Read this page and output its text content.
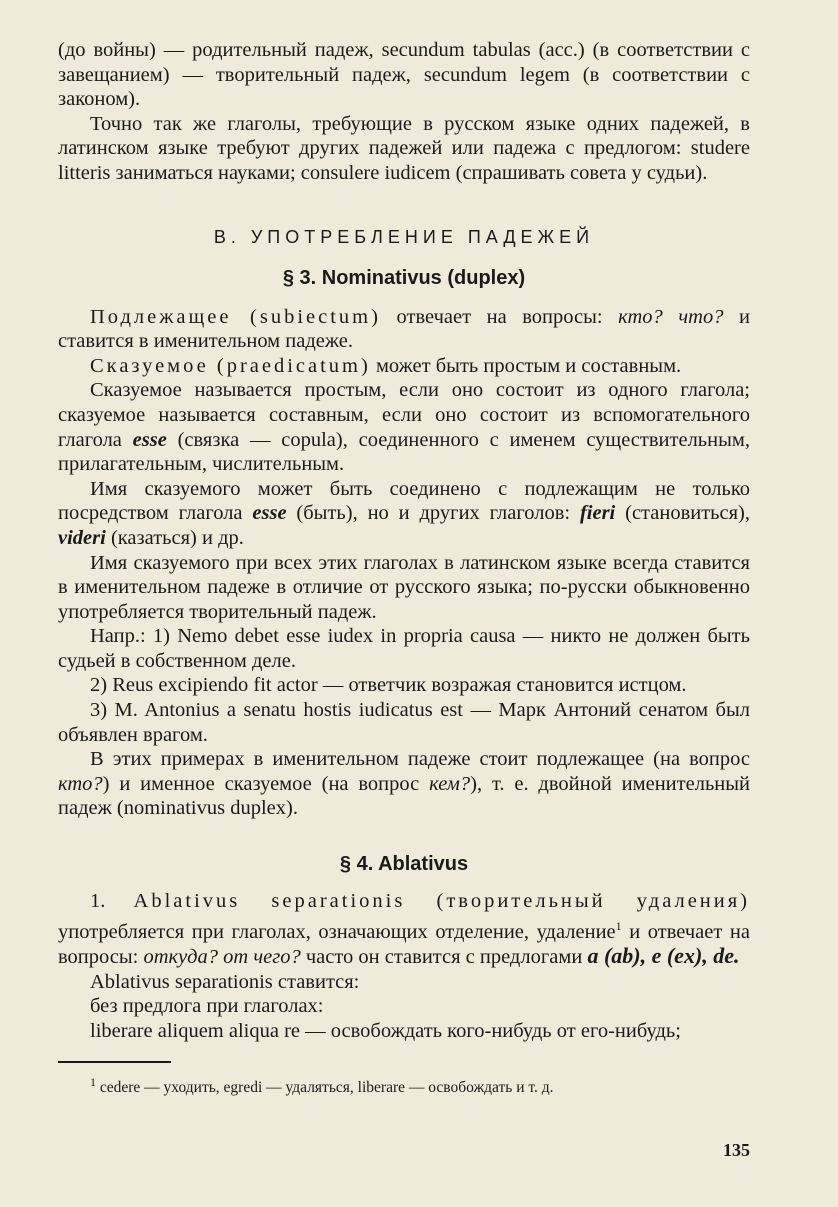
(до войны) — родительный падеж, secundum tabulas (acc.) (в соответствии с завещанием) — творительный падеж, secundum legem (в соответствии с законом).

Точно так же глаголы, требующие в русском языке одних падежей, в латинском языке требуют других падежей или падежа с предлогом: studere litteris заниматься науками; consulere iudicem (спрашивать совета у судьи).

В. УПОТРЕБЛЕНИЕ ПАДЕЖЕЙ
§ 3. Nominativus (duplex)

Подлежащее (subiectum) отвечает на вопросы: кто? что? и ставится в именительном падеже.

Сказуемое (praedicatum) может быть простым и составным.

Сказуемое называется простым, если оно состоит из одного глагола; сказуемое называется составным, если оно состоит из вспомогательного глагола esse (связка — copula), соединенного с именем существительным, прилагательным, числительным.

Имя сказуемого может быть соединено с подлежащим не только посредством глагола esse (быть), но и других глаголов: fieri (становиться), videri (казаться) и др.

Имя сказуемого при всех этих глаголах в латинском языке всегда ставится в именительном падеже в отличие от русского языка; по-русски обыкновенно употребляется творительный падеж.

Напр.: 1) Nemo debet esse iudex in propria causa — никто не должен быть судьей в собственном деле.

2) Reus excipiendo fit actor — ответчик возражая становится истцом.

3) M. Antonius a senatu hostis iudicatus est — Марк Антоний сенатом был объявлен врагом.

В этих примерах в именительном падеже стоит подлежащее (на вопрос кто?) и именное сказуемое (на вопрос кем?), т. е. двойной именительный падеж (nominativus duplex).

§ 4. Ablativus

1. Ablativus separationis (творительный удаления) употребляется при глаголах, означающих отделение, удаление$^1$ и отвечает на вопросы: откуда? от чего? часто он ставится с предлогами a (ab), e (ex), de.

Ablativus separationis ставится:

без предлога при глаголах:

liberare aliquem aliqua re — освобождать кого-нибудь от его-нибудь;

$^1$ cedere — уходить, egredi — удаляться, liberare — освобождать и т. д.

135
